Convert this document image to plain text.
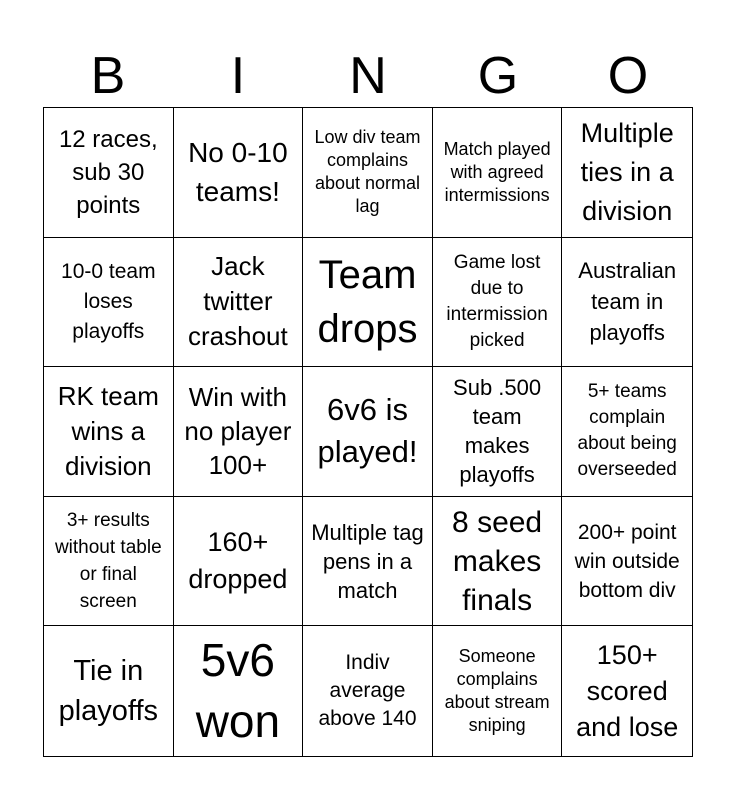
B	I	N	G	O
12 races, sub 30 points
No 0-10 teams!
Low div team complains about normal lag
Match played with agreed intermissions
Multiple ties in a division
10-0 team loses playoffs
Jack twitter crashout
Team drops
Game lost due to intermission picked
Australian team in playoffs
RK team wins a division
Win with no player 100+
6v6 is played!
Sub .500 team makes playoffs
5+ teams complain about being overseeded
3+ results without table or final screen
160+ dropped
Multiple tag pens in a match
8 seed makes finals
200+ point win outside bottom div
Tie in playoffs
5v6 won
Indiv average above 140
Someone complains about stream sniping
150+ scored and lose
